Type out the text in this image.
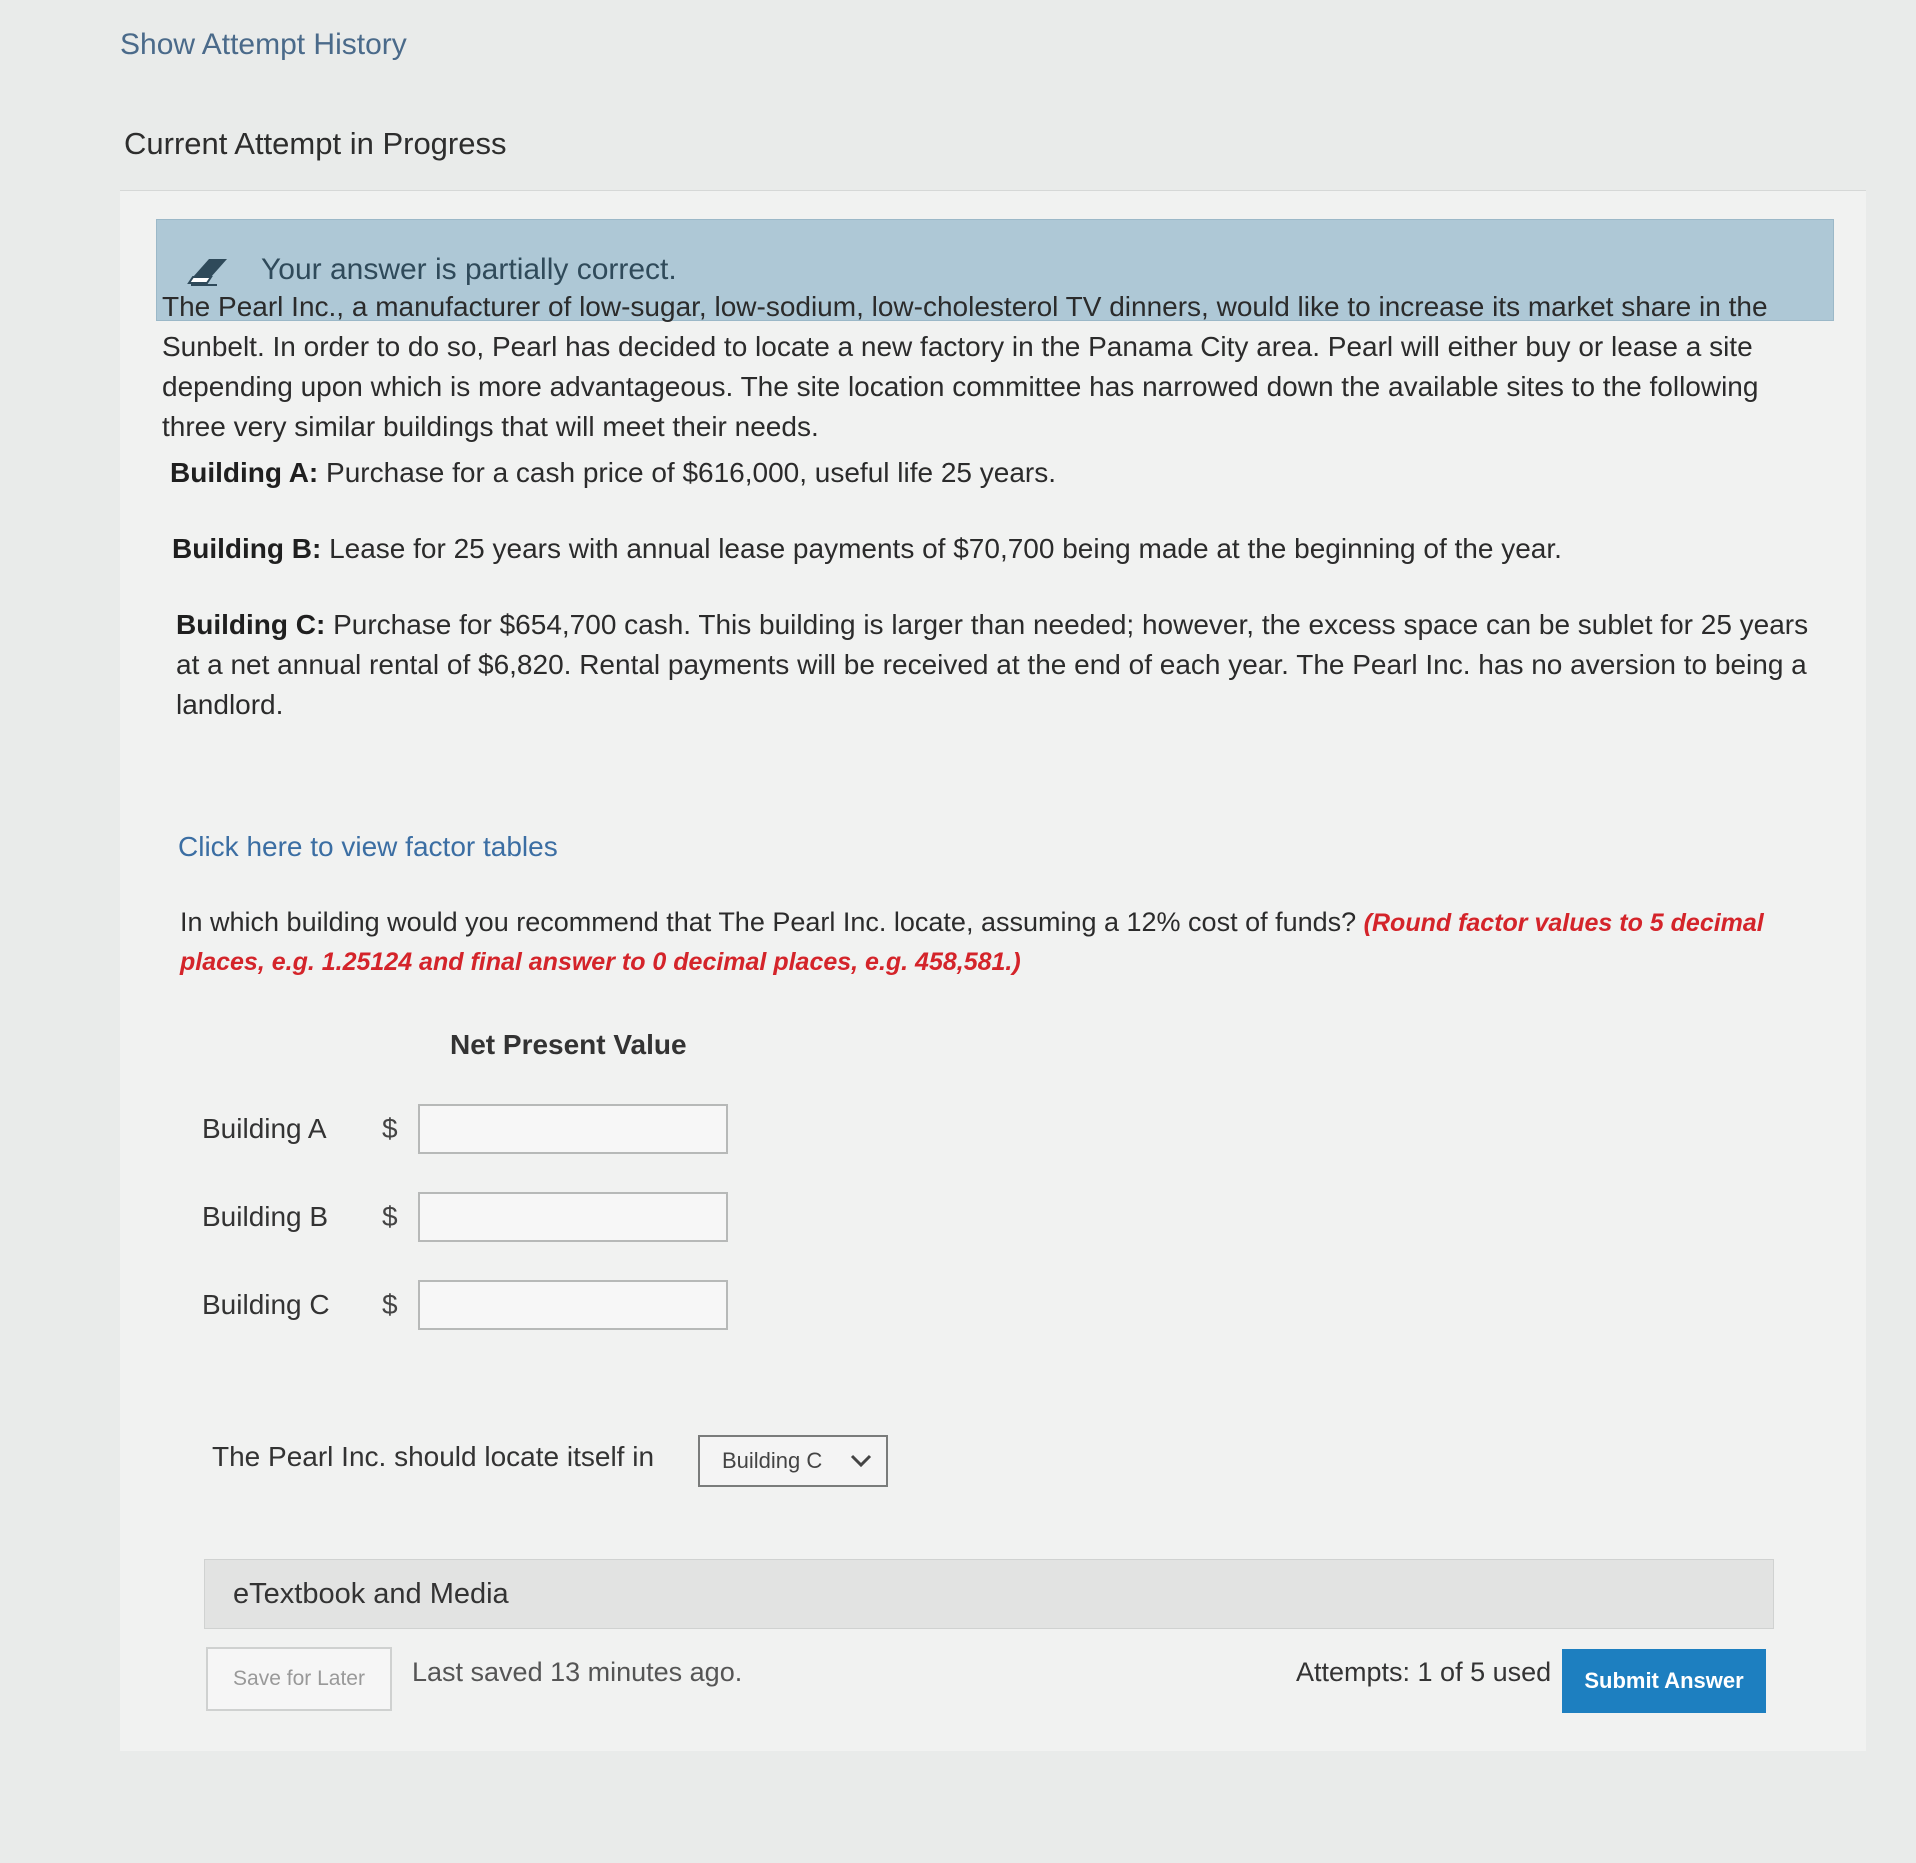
Show Attempt History
Current Attempt in Progress
Your answer is partially correct.
The Pearl Inc., a manufacturer of low-sugar, low-sodium, low-cholesterol TV dinners, would like to increase its market share in the Sunbelt. In order to do so, Pearl has decided to locate a new factory in the Panama City area. Pearl will either buy or lease a site depending upon which is more advantageous. The site location committee has narrowed down the available sites to the following three very similar buildings that will meet their needs.
Building A: Purchase for a cash price of $616,000, useful life 25 years.
Building B: Lease for 25 years with annual lease payments of $70,700 being made at the beginning of the year.
Building C: Purchase for $654,700 cash. This building is larger than needed; however, the excess space can be sublet for 25 years at a net annual rental of $6,820. Rental payments will be received at the end of each year. The Pearl Inc. has no aversion to being a landlord.
Click here to view factor tables
In which building would you recommend that The Pearl Inc. locate, assuming a 12% cost of funds? (Round factor values to 5 decimal places, e.g. 1.25124 and final answer to 0 decimal places, e.g. 458,581.)
Net Present Value
Building A	$
Building B	$
Building C	$
The Pearl Inc. should locate itself in	Building C
eTextbook and Media
Save for Later	Last saved 13 minutes ago.	Attempts: 1 of 5 used	Submit Answer
